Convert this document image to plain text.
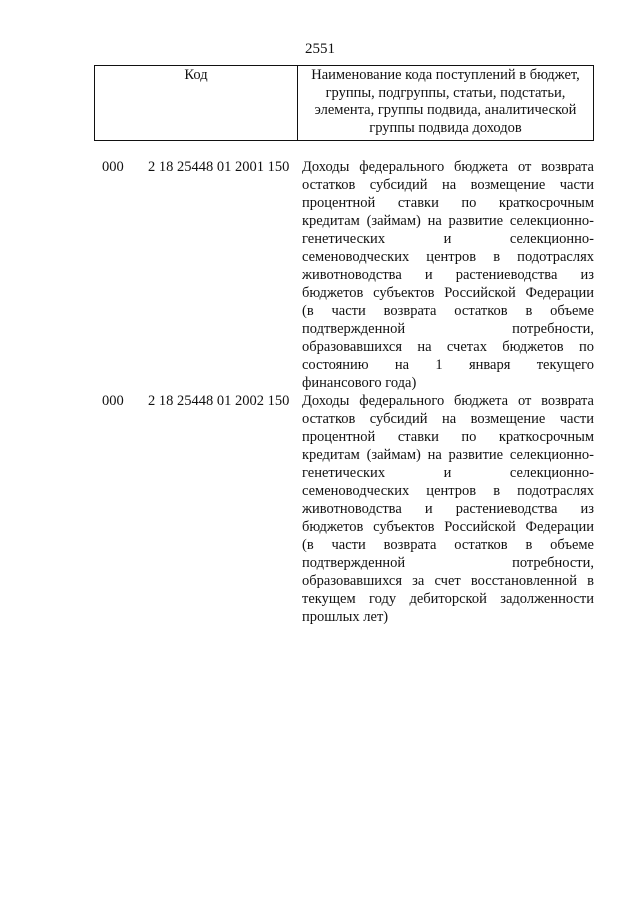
2551
Код	Наименование кода поступлений в бюджет, группы, подгруппы, статьи, подстатьи, элемента, группы подвида, аналитической группы подвида доходов
000	2 18 25448 01 2001 150 Доходы федерального бюджета от возврата
остатков субсидий на возмещение части
процентной ставки по краткосрочным
кредитам (займам) на развитие селекционно-
генетических и селекционно-
семеноводческих центров в подотраслях
животноводства и растениеводства из
бюджетов субъектов Российской Федерации
(в части возврата остатков в объеме
подтвержденной потребности,
образовавшихся на счетах бюджетов по
состоянию на 1 января текущего
финансового года)
000	2 18 25448 01 2002 150 Доходы федерального бюджета от возврата
остатков субсидий на возмещение части
процентной ставки по краткосрочным
кредитам (займам) на развитие селекционно-
генетических и селекционно-
семеноводческих центров в подотраслях
животноводства и растениеводства из
бюджетов субъектов Российской Федерации
(в части возврата остатков в объеме
подтвержденной потребности,
образовавшихся за счет восстановленной в
текущем году дебиторской задолженности
прошлых лет)
